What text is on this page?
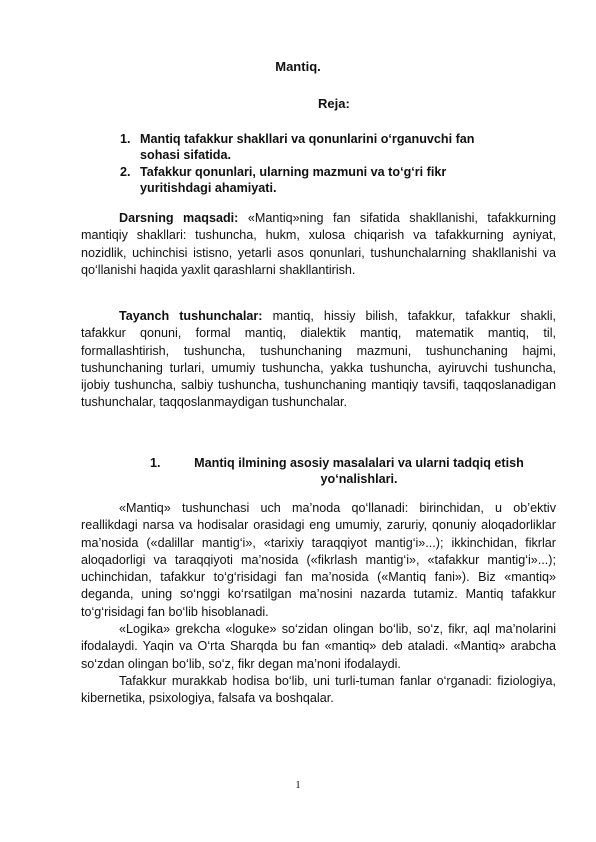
Mantiq.
Reja:
1. Mantiq tafakkur shakllari va qonunlarini o‘rganuvchi fan sohasi sifatida.
2. Tafakkur qonunlari, ularning mazmuni va to‘g‘ri fikr yuritishdagi ahamiyati.

Darsning maqsadi: «Mantiq»ning fan sifatida shakllanishi, tafakkurning mantiqiy shakllari: tushuncha, hukm, xulosa chiqarish va tafakkurning ayniyat, nozidlik, uchinchisi istisno, yetarli asos qonunlari, tushunchalarning shakllanishi va qo‘llanishi haqida yaxlit qarashlarni shakllantirish.

Tayanch tushunchalar: mantiq, hissiy bilish, tafakkur, tafakkur shakli, tafakkur qonuni, formal mantiq, dialektik mantiq, matematik mantiq, til, formallashtirish, tushuncha, tushunchaning mazmuni, tushunchaning hajmi, tushunchaning turlari, umumiy tushuncha, yakka tushuncha, ayiruvchi tushuncha, ijobiy tushuncha, salbiy tushuncha, tushunchaning mantiqiy tavsifi, taqqoslanadigan tushunchalar, taqqoslanmaydigan tushunchalar.

1.	Mantiq ilmining asosiy masalalari va ularni tadqiq etish yo‘nalishlari.

«Mantiq» tushunchasi uch ma’noda qo‘llanadi: birinchidan, u ob’ektiv reallikdagi narsa va hodisalar orasidagi eng umumiy, zaruriy, qonuniy aloqadorliklar ma’nosida («dalillar mantig‘i», «tarixiy taraqqiyot mantig‘i»...); ikkinchidan, fikrlar aloqadorligi va taraqqiyoti ma’nosida («fikrlash mantig‘i», «tafakkur mantig‘i»...); uchinchidan, tafakkur to‘g‘risidagi fan ma’nosida («Mantiq fani»). Biz «mantiq» deganda, uning so‘nggi ko‘rsatilgan ma’nosini nazarda tutamiz. Mantiq tafakkur to‘g‘risidagi fan bo‘lib hisoblanadi.

«Logika» grekcha «loguke» so‘zidan olingan bo‘lib, so‘z, fikr, aql ma’nolarini ifodalaydi. Yaqin va O‘rta Sharqda bu fan «mantiq» deb ataladi. «Mantiq» arabcha so‘zdan olingan bo‘lib, so‘z, fikr degan ma’noni ifodalaydi.

Tafakkur murakkab hodisa bo‘lib, uni turli-tuman fanlar o‘rganadi: fiziologiya, kibernetika, psixologiya, falsafa va boshqalar.

1
